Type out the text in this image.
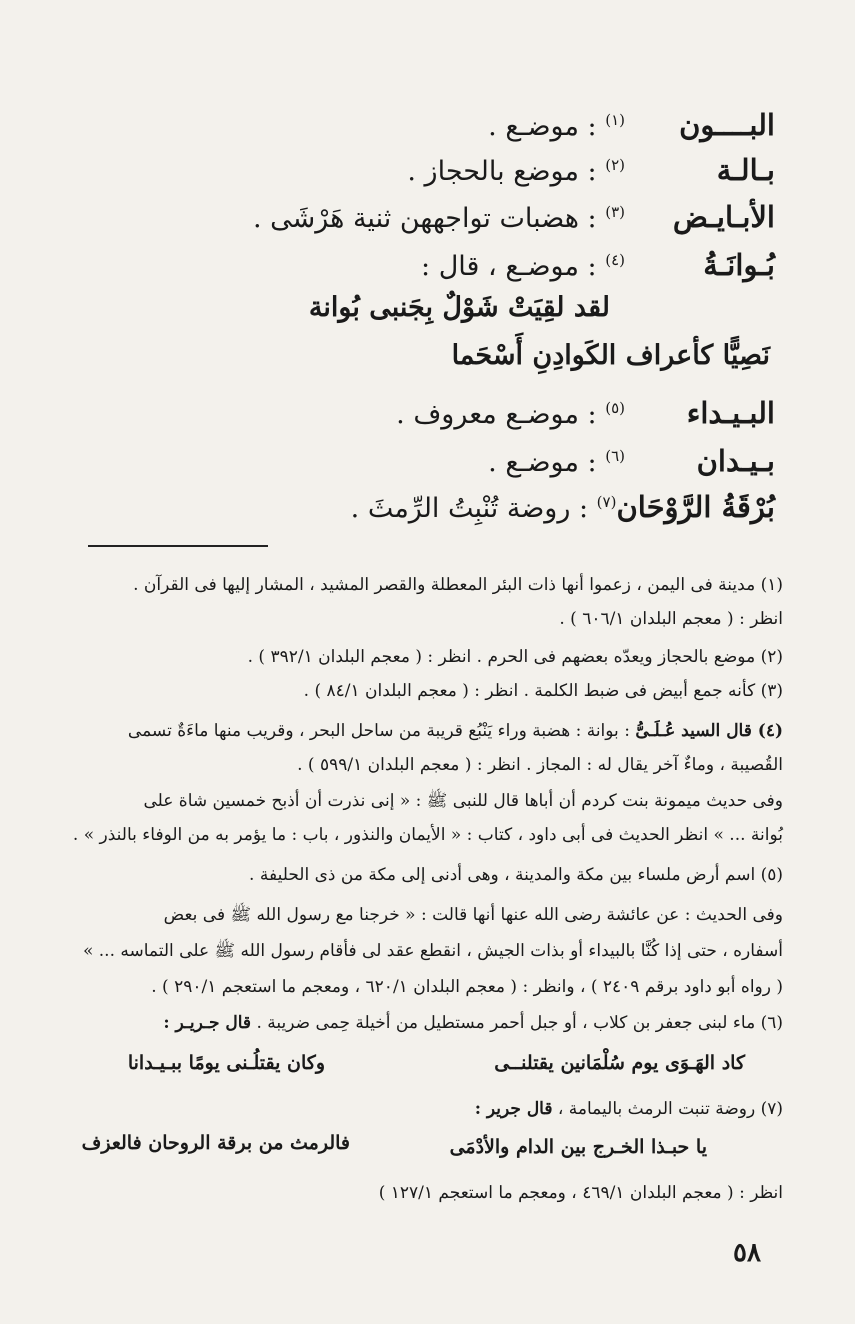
البــــون$^{(١)}$ : موضـع .
بـالـة$^{(٢)}$ : موضع بالحجاز .
الأبـايـض$^{(٣)}$ : هضبات تواجههن ثنية هَرْشَى .
بُـوانَـةُ$^{(٤)}$ : موضـع ، قال :
لقد لقِيَتْ شَوْلٌ بِجَنبى بُوانة
نَصِيًّا كأعراف الكَوادِنِ أَسْحَما
البـيـداء$^{(٥)}$ : موضـع معروف .
بـيـدان$^{(٦)}$ : موضـع .
بُرْقَةُ الرَّوْحَان$^{(٧)}$ : روضة تُنْبِتُ الرِّمثَ .
(١) مدينة فى اليمن ، زعموا أنها ذات البئر المعطلة والقصر المشيد ، المشار إليها فى القرآن .
انظر : ( معجم البلدان ٦٠٦/١ ) .
(٢) موضع بالحجاز ويعدّه بعضهم فى الحرم . انظر : ( معجم البلدان ٣٩٢/١ ) .
(٣) كأنه جمع أبيض فى ضبط الكلمة . انظر : ( معجم البلدان ٨٤/١ ) .
(٤) قال السيد عُـلَـىُّ : بوانة : هضبة وراء يَنْبُع قريبة من ساحل البحر ، وقريب منها ماءَةٌ تسمى
القُصيبة ، وماءٌ آخر يقال له : المجاز . انظر : ( معجم البلدان ٥٩٩/١ ) .
وفى حديث ميمونة بنت كردم أن أباها قال للنبى ﷺ : « إنى نذرت أن أذبح خمسين شاة على
بُوانة ... » انظر الحديث فى أبى داود ، كتاب : « الأيمان والنذور ، باب : ما يؤمر به من الوفاء بالنذر » .
(٥) اسم أرض ملساء بين مكة والمدينة ، وهى أدنى إلى مكة من ذى الحليفة .
وفى الحديث : عن عائشة رضى الله عنها أنها قالت : « خرجنا مع رسول الله ﷺ فى بعض
أسفاره ، حتى إذا كُنَّا بالبيداء أو بذات الجيش ، انقطع عقد لى فأقام رسول الله ﷺ على التماسه ... »
( رواه أبو داود برقم ٢٤٠٩ ) ، وانظر : ( معجم البلدان ٦٢٠/١ ، ومعجم ما استعجم ٢٩٠/١ ) .
(٦) ماء لبنى جعفر بن كلاب ، أو جبل أحمر مستطيل من أخيلة حِمى ضريبة . قال جـريـر :
كاد الهَـوَى يوم سُلْمَانين يقتلنــى
وكان يقتلُـنى يومًا ببـيـدانا
(٧) روضة تنبت الرمث باليمامة ، قال جرير :
يا حبـذا الخـرج بين الدام والأدْمَى
فالرمث من برقة الروحان فالعزف
انظر : ( معجم البلدان ٤٦٩/١ ، ومعجم ما استعجم ١٢٧/١ )
٥٨
